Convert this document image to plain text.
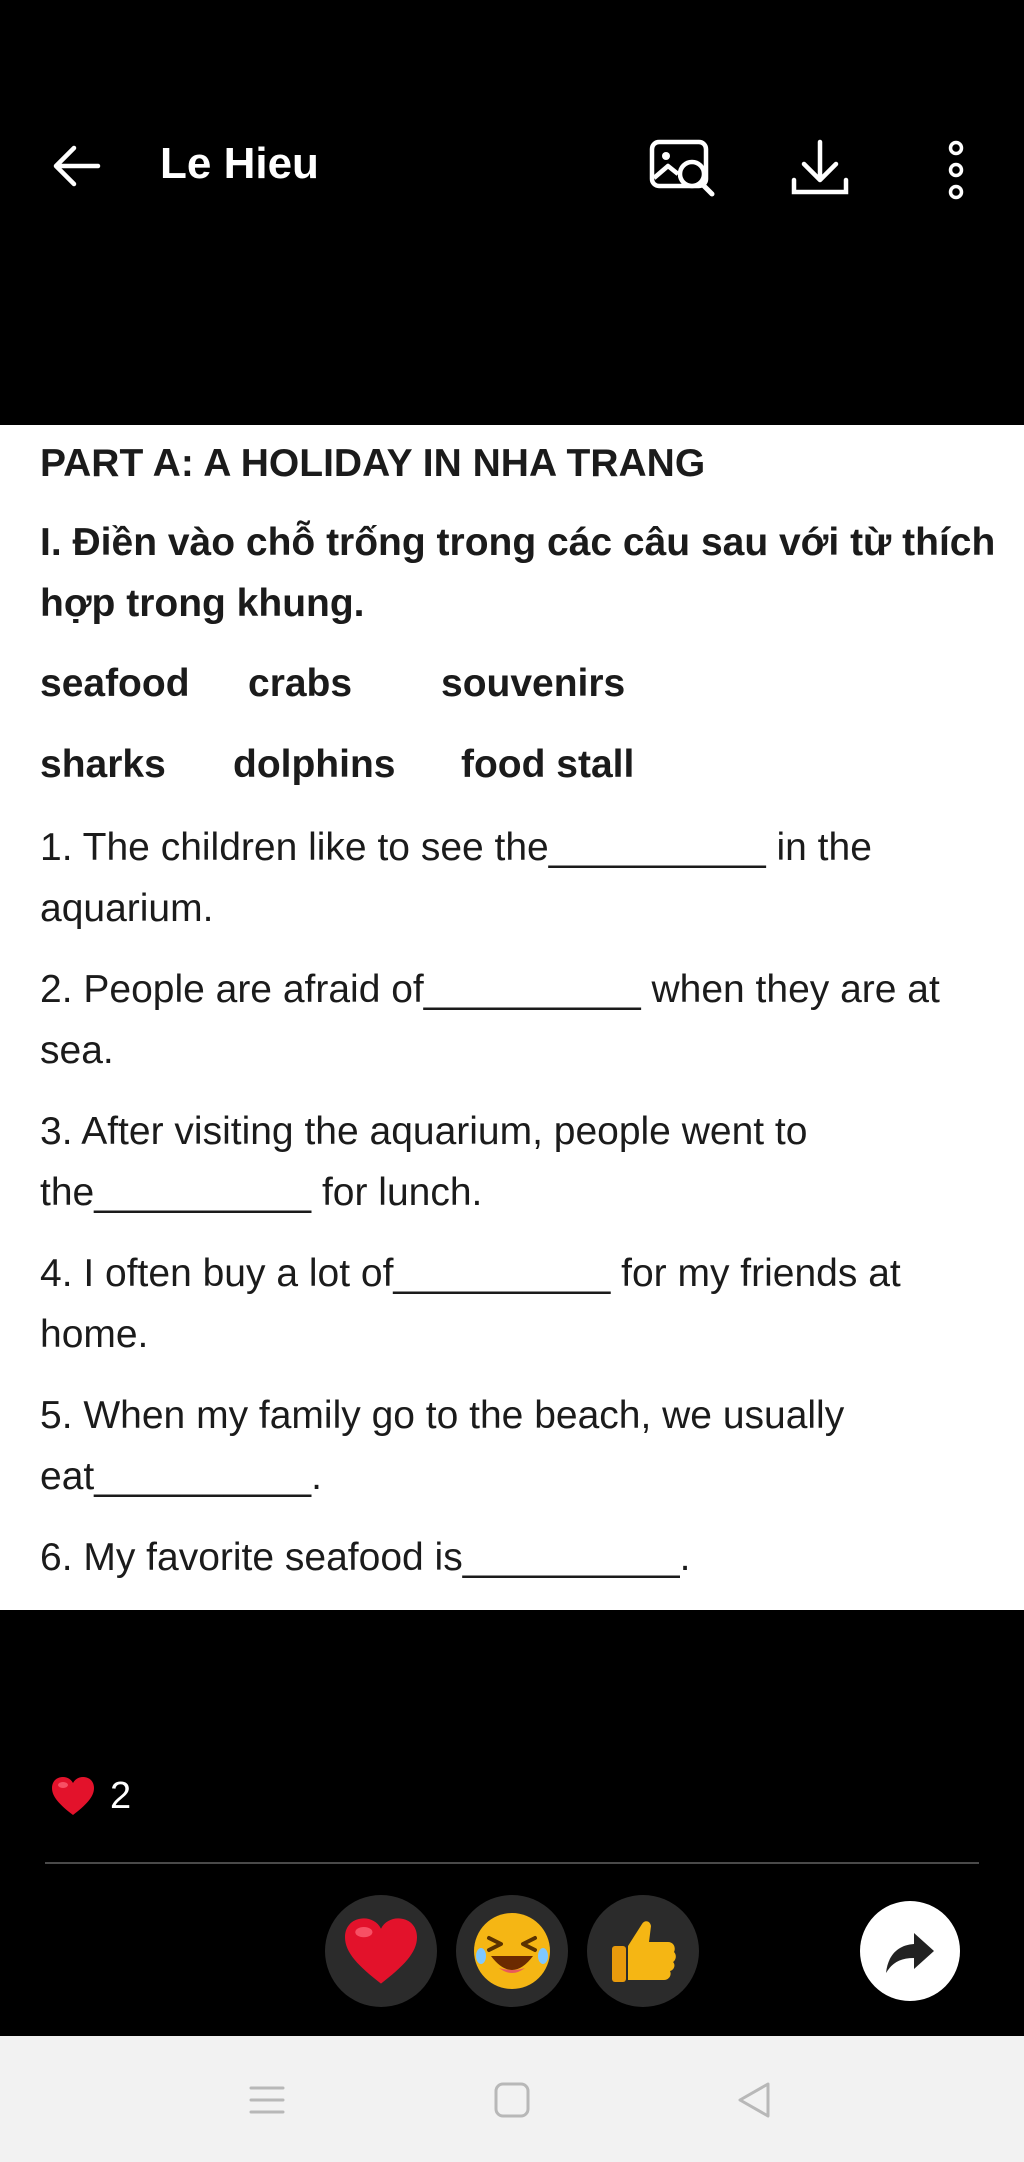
Le Hieu
PART A: A HOLIDAY IN NHA TRANG
I. Điền vào chỗ trống trong các câu sau với từ thích hợp trong khung.
seafood crabs souvenirs
sharks dolphins food stall
1. The children like to see the__________ in the aquarium.
2. People are afraid of__________ when they are at sea.
3. After visiting the aquarium, people went to the__________ for lunch.
4. I often buy a lot of__________ for my friends at home.
5. When my family go to the beach, we usually eat__________.
6. My favorite seafood is__________.
2
